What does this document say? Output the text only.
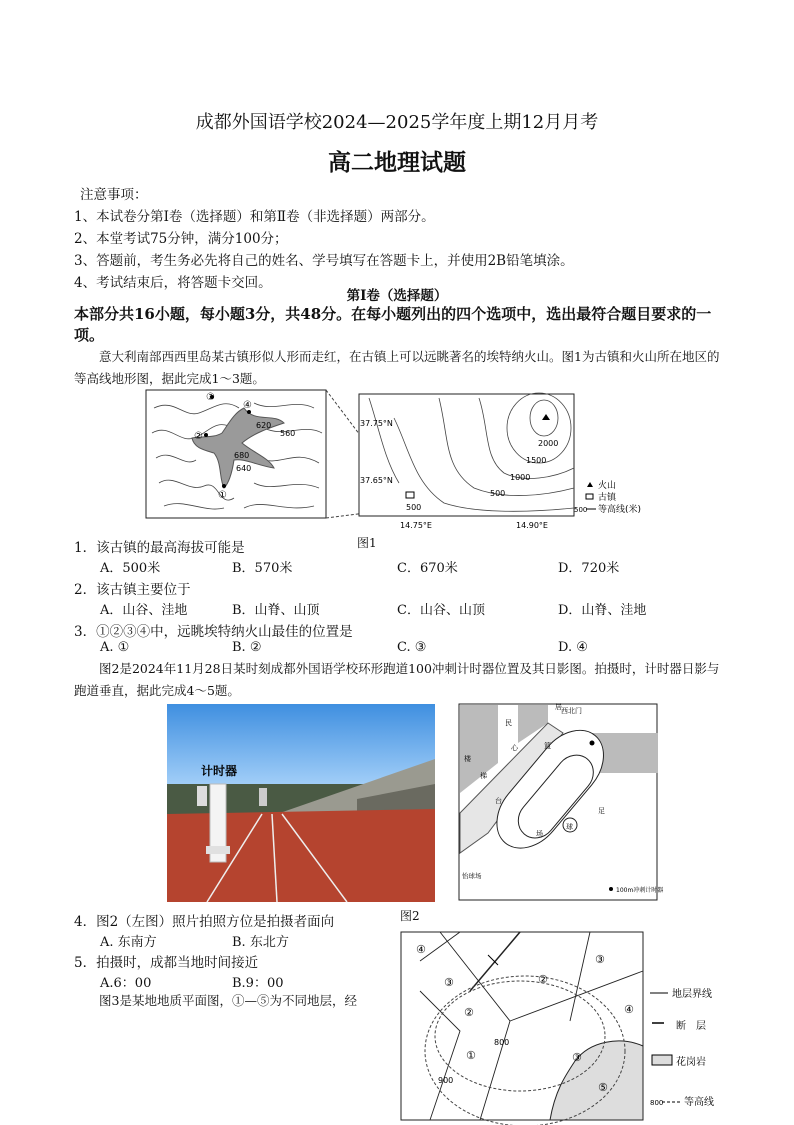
成都外国语学校2024—2025学年度上期12月月考
高二地理试题
注意事项：
1、本试卷分第Ⅰ卷（选择题）和第Ⅱ卷（非选择题）两部分。
2、本堂考试75分钟，满分100分；
3、答题前，考生务必先将自己的姓名、学号填写在答题卡上，并使用2B铅笔填涂。
4、考试结束后，将答题卡交回。
第Ⅰ卷（选择题）
本部分共16小题，每小题3分，共48分。在每小题列出的四个选项中，选出最符合题目要求的一项。
意大利南部西西里岛某古镇形似人形而走红，在古镇上可以远眺著名的埃特纳火山。图1为古镇和火山所在地区的等高线地形图，据此完成1～3题。
③
④
②
①
620
560
680
640
37.75°N
37.65°N
14.75°E	14.90°E
2000
1500
1000
500
500
火山
古镇
500 等高线(米)
图1
1．该古镇的最高海拔可能是
A．500米	B．570米	C．670米	D．720米
2．该古镇主要位于
A．山谷、洼地	B．山脊、山顶	C．山谷、山顶	D．山脊、洼地
3．①②③④中，远眺埃特纳火山最佳的位置是
A. ①	B. ②	C. ③	D. ④
图2是2024年11月28日某时刻成都外国语学校环形跑道100冲刺计时器位置及其日影图。拍摄时，计时器日影与跑道垂直，据此完成4～5题。
计时器
西北门
居
民
心
楼
梯
台
篮
场
足
球
怡球场
100m冲刺计时器
图2
4．图2（左图）照片拍照方位是拍摄者面向
A. 东南方	B. 东北方
5．拍摄时，成都当地时间接近
A.6：00	B.9：00
图3是某地地质平面图，①—⑤为不同地层，经
④
③
③	②
②
①	③
④
⑤
800
900
地层界线
断　层
花岗岩
800 等高线
